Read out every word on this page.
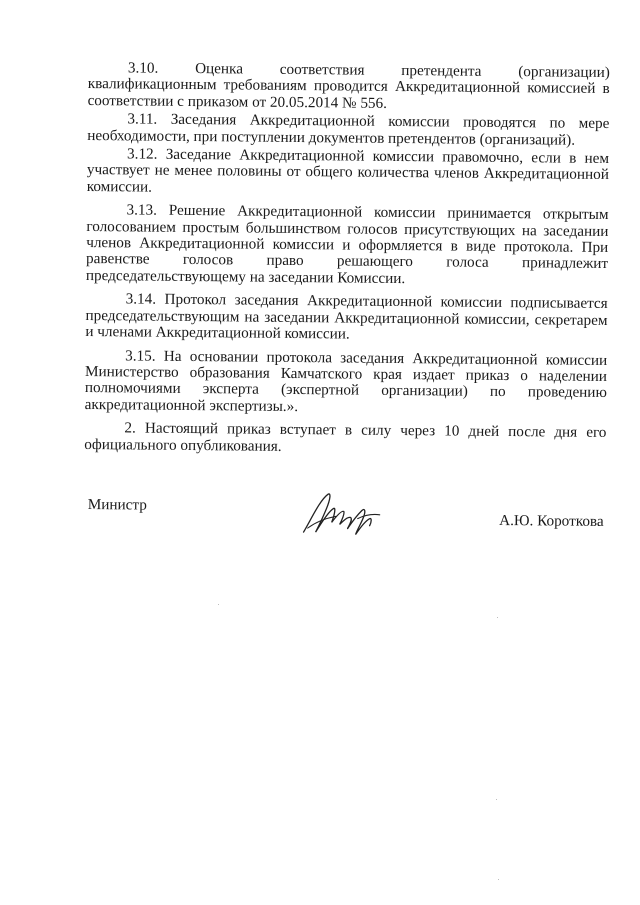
3.10. Оценка соответствия претендента (организации) квалификационным требованиям проводится Аккредитационной комиссией в соответствии с приказом от 20.05.2014 № 556.

3.11. Заседания Аккредитационной комиссии проводятся по мере необходимости, при поступлении документов претендентов (организаций).

3.12. Заседание Аккредитационной комиссии правомочно, если в нем участвует не менее половины от общего количества членов Аккредитационной комиссии.

3.13. Решение Аккредитационной комиссии принимается открытым голосованием простым большинством голосов присутствующих на заседании членов Аккредитационной комиссии и оформляется в виде протокола. При равенстве голосов право решающего голоса принадлежит председательствующему на заседании Комиссии.

3.14. Протокол заседания Аккредитационной комиссии подписывается председательствующим на заседании Аккредитационной комиссии, секретарем и членами Аккредитационной комиссии.

3.15. На основании протокола заседания Аккредитационной комиссии Министерство образования Камчатского края издает приказ о наделении полномочиями эксперта (экспертной организации) по проведению аккредитационной экспертизы.».

2. Настоящий приказ вступает в силу через 10 дней после дня его официального опубликования.

Министр
А.Ю. Короткова
